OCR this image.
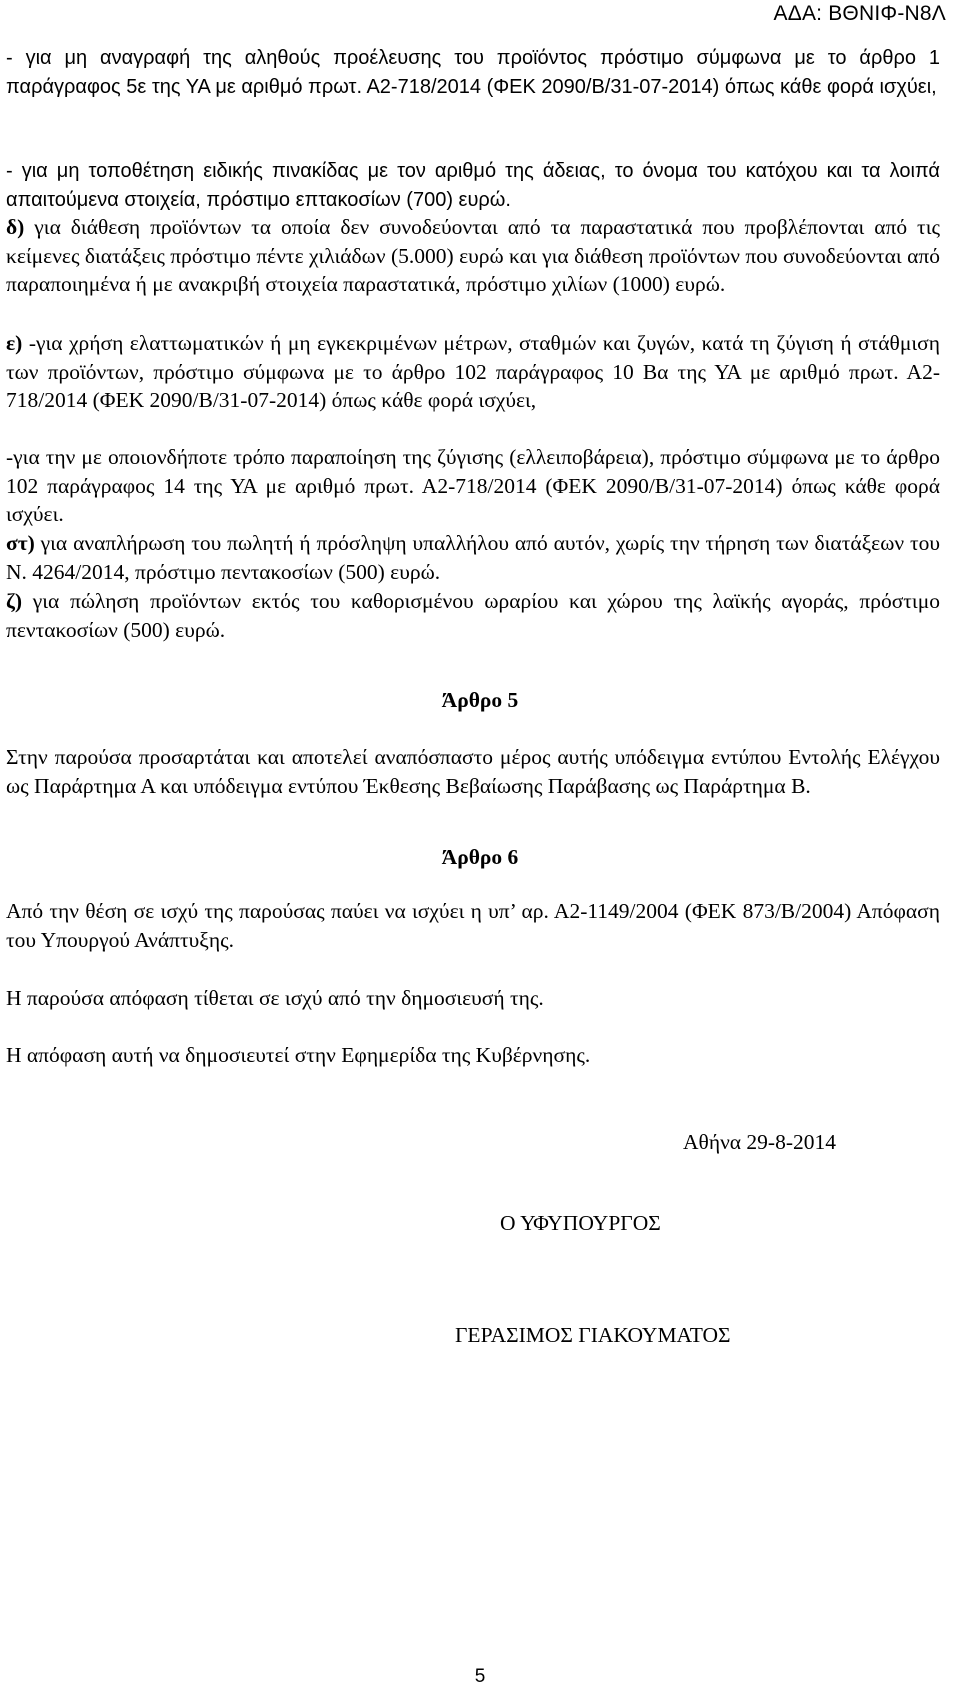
ΑΔΑ: ΒΘΝΙΦ-Ν8Λ

- για μη αναγραφή της αληθούς προέλευσης του προϊόντος πρόστιμο σύμφωνα με το άρθρο 1 παράγραφος 5ε της ΥΑ με αριθμό πρωτ. Α2-718/2014 (ΦΕΚ 2090/Β/31-07-2014) όπως κάθε φορά ισχύει,

- για μη τοποθέτηση ειδικής πινακίδας με τον αριθμό της άδειας, το όνομα του κατόχου και τα λοιπά απαιτούμενα στοιχεία, πρόστιμο επτακοσίων (700) ευρώ.

δ) για διάθεση προϊόντων τα οποία δεν συνοδεύονται από τα παραστατικά που προβλέπονται από τις κείμενες διατάξεις πρόστιμο πέντε χιλιάδων (5.000) ευρώ και για διάθεση προϊόντων που συνοδεύονται από παραποιημένα ή με ανακριβή στοιχεία παραστατικά, πρόστιμο χιλίων (1000) ευρώ.

ε) -για χρήση ελαττωματικών ή μη εγκεκριμένων μέτρων, σταθμών και ζυγών, κατά τη ζύγιση ή στάθμιση των προϊόντων, πρόστιμο σύμφωνα με το άρθρο 102 παράγραφος 10 Βα της ΥΑ με αριθμό πρωτ. Α2-718/2014 (ΦΕΚ 2090/Β/31-07-2014) όπως κάθε φορά ισχύει,

-για την με οποιονδήποτε τρόπο παραποίηση της ζύγισης (ελλειποβάρεια), πρόστιμο σύμφωνα με το άρθρο 102 παράγραφος 14 της ΥΑ με αριθμό πρωτ. Α2-718/2014 (ΦΕΚ 2090/Β/31-07-2014) όπως κάθε φορά ισχύει.

στ) για αναπλήρωση του πωλητή ή πρόσληψη υπαλλήλου από αυτόν, χωρίς την τήρηση των διατάξεων του Ν. 4264/2014, πρόστιμο πεντακοσίων (500) ευρώ.

ζ) για πώληση προϊόντων εκτός του καθορισμένου ωραρίου και χώρου της λαϊκής αγοράς, πρόστιμο πεντακοσίων (500) ευρώ.

Άρθρο 5

Στην παρούσα προσαρτάται και αποτελεί αναπόσπαστο μέρος αυτής υπόδειγμα εντύπου Εντολής Ελέγχου ως Παράρτημα Α και υπόδειγμα εντύπου Έκθεσης Βεβαίωσης Παράβασης ως Παράρτημα Β.

Άρθρο 6

Από την θέση σε ισχύ της παρούσας παύει να ισχύει η υπ’ αρ. Α2-1149/2004 (ΦΕΚ 873/Β/2004) Απόφαση του Υπουργού Ανάπτυξης.

Η παρούσα απόφαση τίθεται σε ισχύ από την δημοσιευσή της.

Η απόφαση αυτή να δημοσιευτεί στην Εφημερίδα της Κυβέρνησης.

Αθήνα 29-8-2014

Ο ΥΦΥΠΟΥΡΓΟΣ

ΓΕΡΑΣΙΜΟΣ ΓΙΑΚΟΥΜΑΤΟΣ

5
